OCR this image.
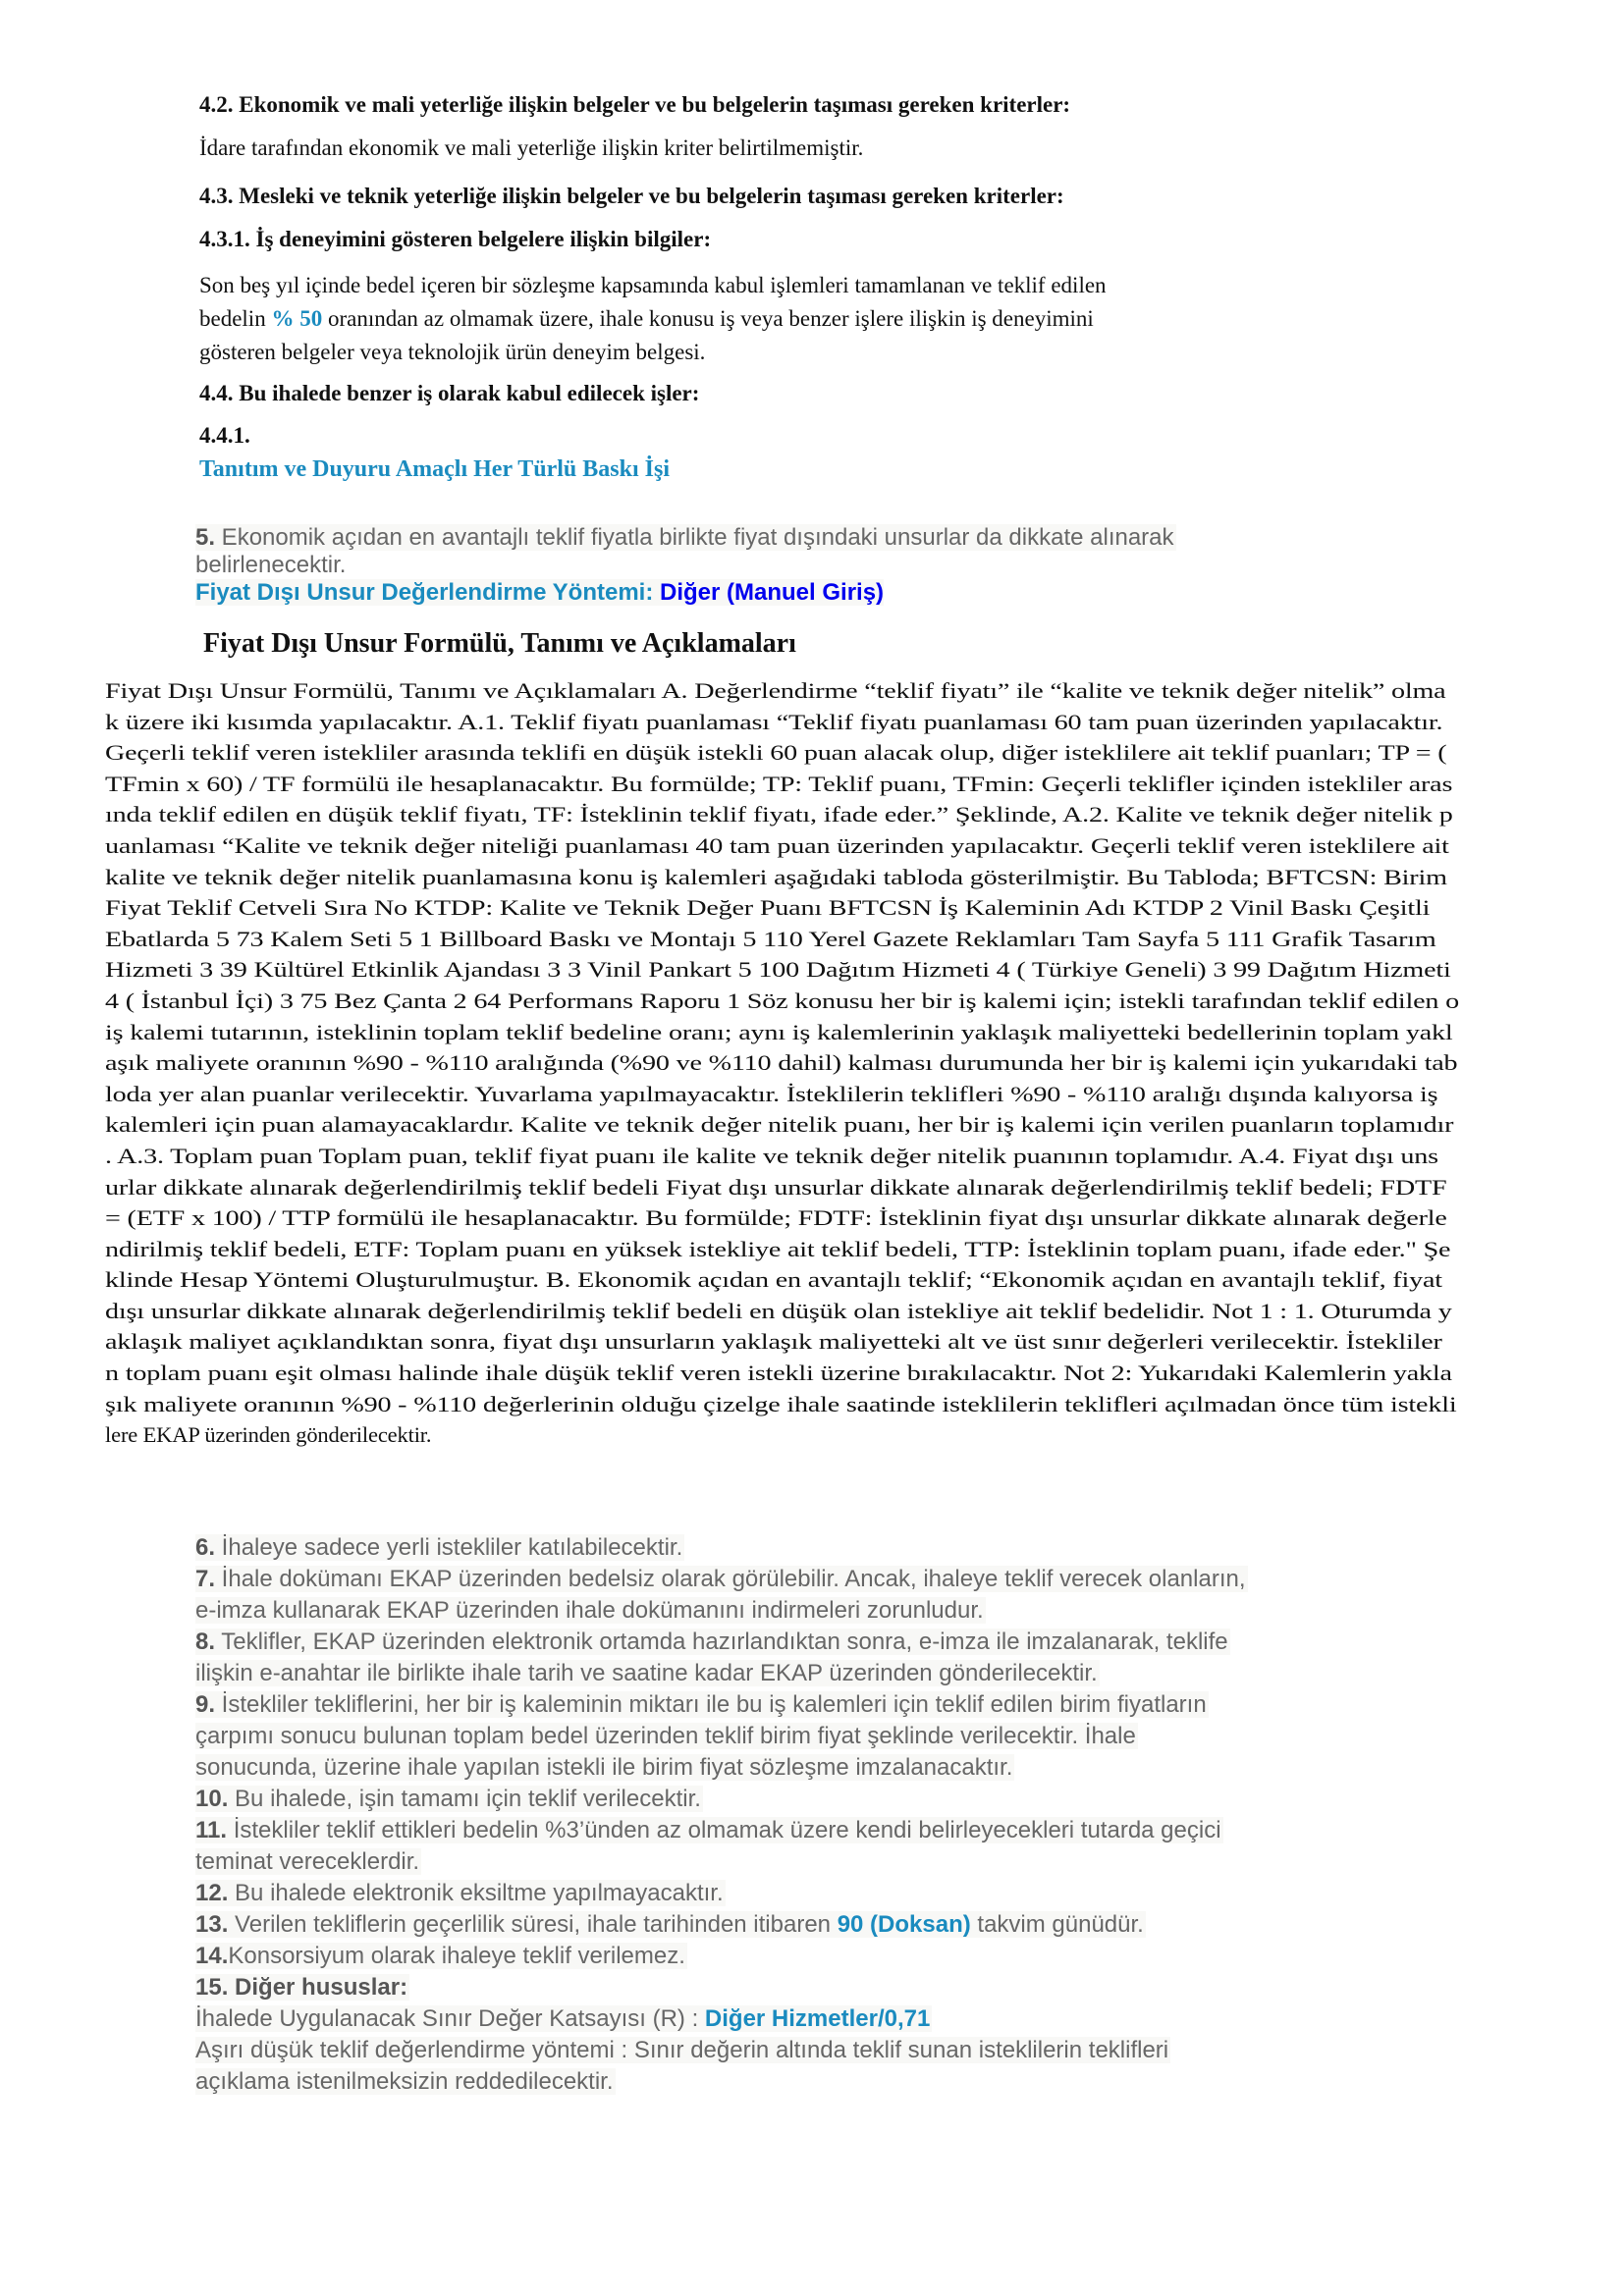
4.2. Ekonomik ve mali yeterliğe ilişkin belgeler ve bu belgelerin taşıması gereken kriterler:
İdare tarafından ekonomik ve mali yeterliğe ilişkin kriter belirtilmemiştir.
4.3. Mesleki ve teknik yeterliğe ilişkin belgeler ve bu belgelerin taşıması gereken kriterler:
4.3.1. İş deneyimini gösteren belgelere ilişkin bilgiler:
Son beş yıl içinde bedel içeren bir sözleşme kapsamında kabul işlemleri tamamlanan ve teklif edilen
bedelin % 50 oranından az olmamak üzere, ihale konusu iş veya benzer işlere ilişkin iş deneyimini
gösteren belgeler veya teknolojik ürün deneyim belgesi.
4.4. Bu ihalede benzer iş olarak kabul edilecek işler:
4.4.1.
Tanıtım ve Duyuru Amaçlı Her Türlü Baskı İşi
5. Ekonomik açıdan en avantajlı teklif fiyatla birlikte fiyat dışındaki unsurlar da dikkate alınarak
belirlenecektir.
Fiyat Dışı Unsur Değerlendirme Yöntemi: Diğer (Manuel Giriş)
Fiyat Dışı Unsur Formülü, Tanımı ve Açıklamaları
Fiyat Dışı Unsur Formülü, Tanımı ve Açıklamaları A. Değerlendirme “teklif fiyatı” ile “kalite ve teknik değer nitelik” olma
k üzere iki kısımda yapılacaktır. A.1. Teklif fiyatı puanlaması “Teklif fiyatı puanlaması 60 tam puan üzerinden yapılacaktır.
Geçerli teklif veren istekliler arasında teklifi en düşük istekli 60 puan alacak olup, diğer isteklilere ait teklif puanları; TP = (
TFmin x 60) / TF formülü ile hesaplanacaktır. Bu formülde; TP: Teklif puanı, TFmin: Geçerli teklifler içinden istekliler aras
ında teklif edilen en düşük teklif fiyatı, TF: İsteklinin teklif fiyatı, ifade eder.” Şeklinde, A.2. Kalite ve teknik değer nitelik p
uanlaması “Kalite ve teknik değer niteliği puanlaması 40 tam puan üzerinden yapılacaktır. Geçerli teklif veren isteklilere ait
kalite ve teknik değer nitelik puanlamasına konu iş kalemleri aşağıdaki tabloda gösterilmiştir. Bu Tabloda; BFTCSN: Birim
Fiyat Teklif Cetveli Sıra No KTDP: Kalite ve Teknik Değer Puanı BFTCSN İş Kaleminin Adı KTDP 2 Vinil Baskı Çeşitli
Ebatlarda 5 73 Kalem Seti 5 1 Billboard Baskı ve Montajı 5 110 Yerel Gazete Reklamları Tam Sayfa 5 111 Grafik Tasarım
Hizmeti 3 39 Kültürel Etkinlik Ajandası 3 3 Vinil Pankart 5 100 Dağıtım Hizmeti 4 ( Türkiye Geneli) 3 99 Dağıtım Hizmeti
4 ( İstanbul İçi) 3 75 Bez Çanta 2 64 Performans Raporu 1 Söz konusu her bir iş kalemi için; istekli tarafından teklif edilen o
iş kalemi tutarının, isteklinin toplam teklif bedeline oranı; aynı iş kalemlerinin yaklaşık maliyetteki bedellerinin toplam yakl
aşık maliyete oranının %90 - %110 aralığında (%90 ve %110 dahil) kalması durumunda her bir iş kalemi için yukarıdaki tab
loda yer alan puanlar verilecektir. Yuvarlama yapılmayacaktır. İsteklilerin teklifleri %90 - %110 aralığı dışında kalıyorsa iş
kalemleri için puan alamayacaklardır. Kalite ve teknik değer nitelik puanı, her bir iş kalemi için verilen puanların toplamıdır
. A.3. Toplam puan Toplam puan, teklif fiyat puanı ile kalite ve teknik değer nitelik puanının toplamıdır. A.4. Fiyat dışı uns
urlar dikkate alınarak değerlendirilmiş teklif bedeli Fiyat dışı unsurlar dikkate alınarak değerlendirilmiş teklif bedeli; FDTF
= (ETF x 100) / TTP formülü ile hesaplanacaktır. Bu formülde; FDTF: İsteklinin fiyat dışı unsurlar dikkate alınarak değerle
ndirilmiş teklif bedeli, ETF: Toplam puanı en yüksek istekliye ait teklif bedeli, TTP: İsteklinin toplam puanı, ifade eder." Şe
klinde Hesap Yöntemi Oluşturulmuştur. B. Ekonomik açıdan en avantajlı teklif; “Ekonomik açıdan en avantajlı teklif, fiyat
dışı unsurlar dikkate alınarak değerlendirilmiş teklif bedeli en düşük olan istekliye ait teklif bedelidir. Not 1 : 1. Oturumda y
aklaşık maliyet açıklandıktan sonra, fiyat dışı unsurların yaklaşık maliyetteki alt ve üst sınır değerleri verilecektir. İstekliler
n toplam puanı eşit olması halinde ihale düşük teklif veren istekli üzerine bırakılacaktır. Not 2: Yukarıdaki Kalemlerin yakla
şık maliyete oranının %90 - %110 değerlerinin olduğu çizelge ihale saatinde isteklilerin teklifleri açılmadan önce tüm istekli
lere EKAP üzerinden gönderilecektir.
6. İhaleye sadece yerli istekliler katılabilecektir.
7. İhale dokümanı EKAP üzerinden bedelsiz olarak görülebilir. Ancak, ihaleye teklif verecek olanların,
e-imza kullanarak EKAP üzerinden ihale dokümanını indirmeleri zorunludur.
8. Teklifler, EKAP üzerinden elektronik ortamda hazırlandıktan sonra, e-imza ile imzalanarak, teklife
ilişkin e-anahtar ile birlikte ihale tarih ve saatine kadar EKAP üzerinden gönderilecektir.
9. İstekliler tekliflerini, her bir iş kaleminin miktarı ile bu iş kalemleri için teklif edilen birim fiyatların
çarpımı sonucu bulunan toplam bedel üzerinden teklif birim fiyat şeklinde verilecektir. İhale
sonucunda, üzerine ihale yapılan istekli ile birim fiyat sözleşme imzalanacaktır.
10. Bu ihalede, işin tamamı için teklif verilecektir.
11. İstekliler teklif ettikleri bedelin %3’ünden az olmamak üzere kendi belirleyecekleri tutarda geçici
teminat vereceklerdir.
12. Bu ihalede elektronik eksiltme yapılmayacaktır.
13. Verilen tekliflerin geçerlilik süresi, ihale tarihinden itibaren 90 (Doksan) takvim günüdür.
14.Konsorsiyum olarak ihaleye teklif verilemez.
15. Diğer hususlar:
İhalede Uygulanacak Sınır Değer Katsayısı (R) : Diğer Hizmetler/0,71
Aşırı düşük teklif değerlendirme yöntemi : Sınır değerin altında teklif sunan isteklilerin teklifleri
açıklama istenilmeksizin reddedilecektir.
